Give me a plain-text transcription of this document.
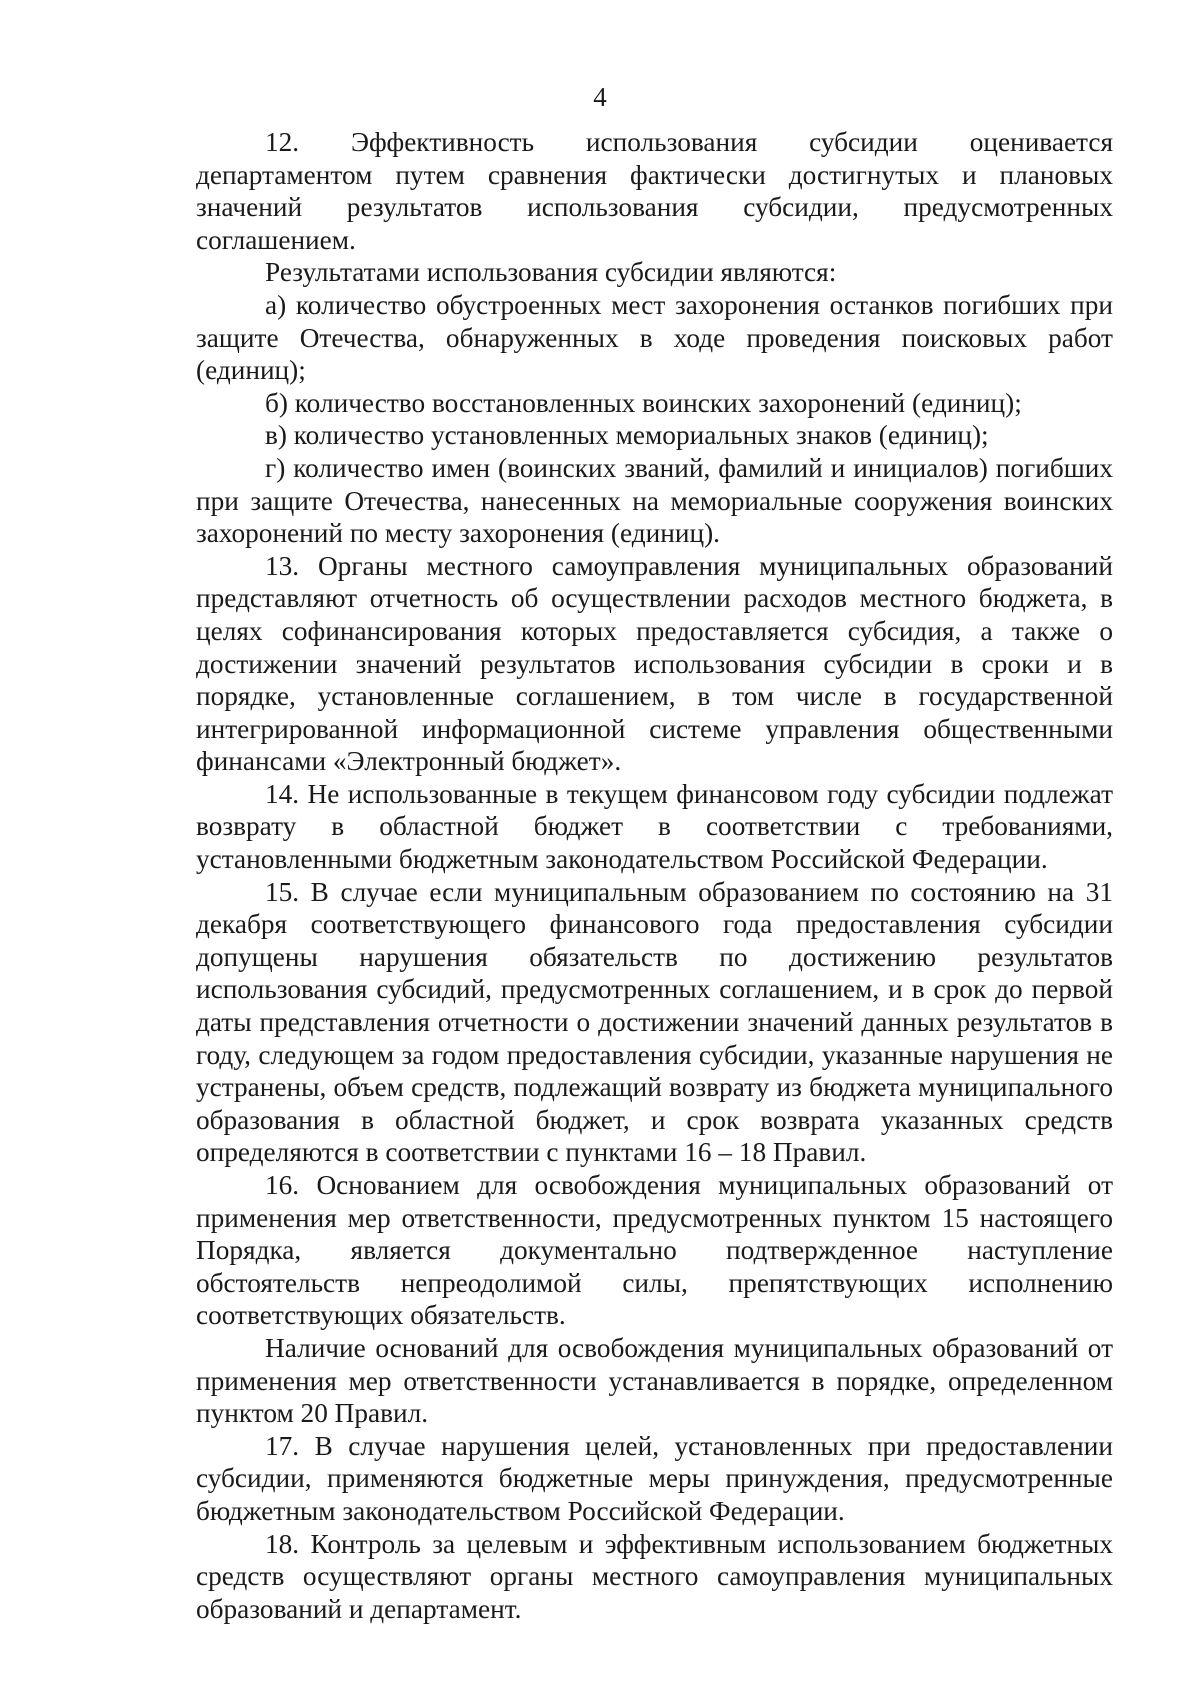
4

12. Эффективность использования субсидии оценивается департаментом путем сравнения фактически достигнутых и плановых значений результатов использования субсидии, предусмотренных соглашением.

Результатами использования субсидии являются:

а) количество обустроенных мест захоронения останков погибших при защите Отечества, обнаруженных в ходе проведения поисковых работ (единиц);

б) количество восстановленных воинских захоронений (единиц);

в) количество установленных мемориальных знаков (единиц);

г) количество имен (воинских званий, фамилий и инициалов) погибших при защите Отечества, нанесенных на мемориальные сооружения воинских захоронений по месту захоронения (единиц).

13. Органы местного самоуправления муниципальных образований представляют отчетность об осуществлении расходов местного бюджета, в целях софинансирования которых предоставляется субсидия, а также о достижении значений результатов использования субсидии в сроки и в порядке, установленные соглашением, в том числе в государственной интегрированной информационной системе управления общественными финансами «Электронный бюджет».

14. Не использованные в текущем финансовом году субсидии подлежат возврату в областной бюджет в соответствии с требованиями, установленными бюджетным законодательством Российской Федерации.

15. В случае если муниципальным образованием по состоянию на 31 декабря соответствующего финансового года предоставления субсидии допущены нарушения обязательств по достижению результатов использования субсидий, предусмотренных соглашением, и в срок до первой даты представления отчетности о достижении значений данных результатов в году, следующем за годом предоставления субсидии, указанные нарушения не устранены, объем средств, подлежащий возврату из бюджета муниципального образования в областной бюджет, и срок возврата указанных средств определяются в соответствии с пунктами 16 – 18 Правил.

16. Основанием для освобождения муниципальных образований от применения мер ответственности, предусмотренных пунктом 15 настоящего Порядка, является документально подтвержденное наступление обстоятельств непреодолимой силы, препятствующих исполнению соответствующих обязательств.

Наличие оснований для освобождения муниципальных образований от применения мер ответственности устанавливается в порядке, определенном пунктом 20 Правил.

17. В случае нарушения целей, установленных при предоставлении субсидии, применяются бюджетные меры принуждения, предусмотренные бюджетным законодательством Российской Федерации.

18. Контроль за целевым и эффективным использованием бюджетных средств осуществляют органы местного самоуправления муниципальных образований и департамент.
